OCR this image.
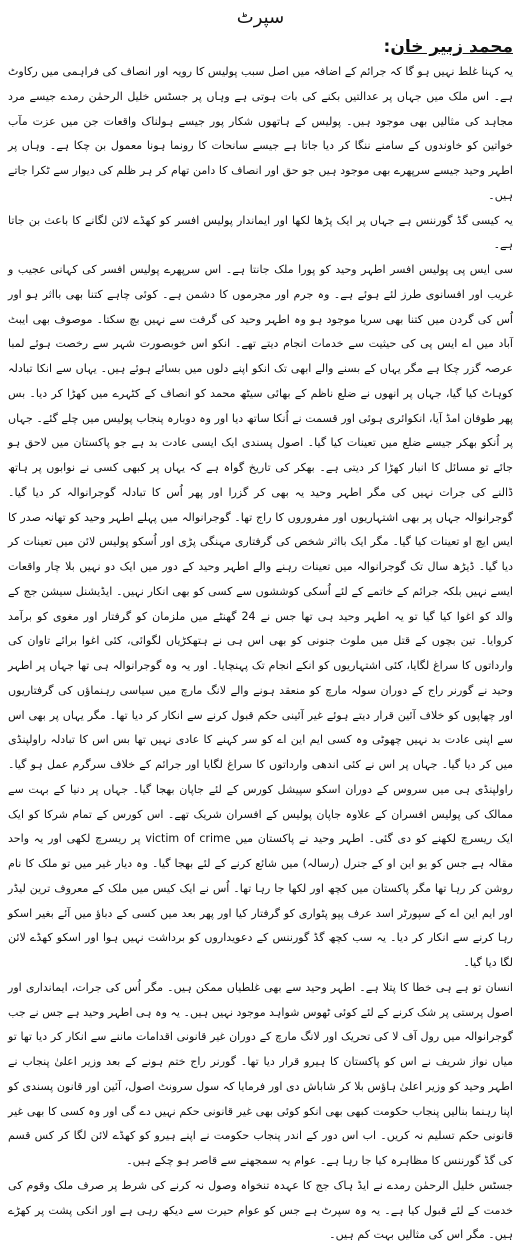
سپرٹ
محمد زبیر خان:

یہ کہنا غلط نہیں ہو گا کہ جرائم کے اضافہ میں اصل سبب پولیس کا رویہ اور انصاف کی فراہمی میں رکاوٹ ہے۔ اس ملک میں جہاں پر عدالتیں بکنے کی بات ہوتی ہے وہاں پر جسٹس خلیل الرحمٰن رمدے جیسے مرد مجاہد کی مثالیں بھی موجود ہیں۔ پولیس کے ہاتھوں شکار پور جیسے ہولناک واقعات جن میں عزت مآب خواتین کو خاوندوں کے سامنے ننگا کر دیا جاتا ہے جیسے سانحات کا رونما ہونا معمول بن چکا ہے۔ وہاں پر اطہر وحید جیسے سرپھرے بھی موجود ہیں جو حق اور انصاف کا دامن تھام کر ہر ظلم کی دیوار سے ٹکرا جاتے ہیں۔

یہ کیسی گڈ گورننس ہے جہاں پر ایک پڑھا لکھا اور ایماندار پولیس افسر کو کھڈے لائن لگانے کا باعث بن جاتا ہے۔

سی ایس پی پولیس افسر اطہر وحید کو پورا ملک جانتا ہے۔ اس سرپھرے پولیس افسر کی کہانی عجیب و غریب اور افسانوی طرز لئے ہوئے ہے۔ وہ جرم اور مجرموں کا دشمن ہے۔ کوئی چاہے کتنا بھی بااثر ہو اور اُس کی گردن میں کتنا بھی سریا موجود ہو وہ اطہر وحید کی گرفت سے نہیں بچ سکتا۔ موصوف بھی ایبٹ آباد میں اے ایس پی کی حیثیت سے خدمات انجام دیتے تھے۔ انکو اس خوبصورت شہر سے رخصت ہوئے لمبا عرصہ گزر چکا ہے مگر یہاں کے بسنے والے ابھی تک انکو اپنے دلوں میں بسائے ہوئے ہیں۔ یہاں سے انکا تبادلہ کوہاٹ کیا گیا، جہاں پر انھوں نے ضلع ناظم کے بھائی سیٹھ محمد کو انصاف کے کٹہرے میں کھڑا کر دیا۔ بس پھر طوفان امڈ آیا، انکوائری ہوئی اور قسمت نے اُنکا ساتھ دیا اور وہ دوبارہ پنجاب پولیس میں چلے گئے۔ جہاں پر اُنکو بھکر جیسے ضلع میں تعینات کیا گیا۔ اصول پسندی ایک ایسی عادت بد ہے جو پاکستان میں لاحق ہو جائے تو مسائل کا انبار کھڑا کر دیتی ہے۔ بھکر کی تاریخ گواہ ہے کہ یہاں پر کبھی کسی نے نوابوں پر ہاتھ ڈالنے کی جرات نہیں کی مگر اطہر وحید یہ بھی کر گزرا اور پھر اُس کا تبادلہ گوجرانوالہ کر دیا گیا۔ گوجرانوالہ جہاں پر بھی اشتہاریوں اور مفروروں کا راج تھا۔ گوجرانوالہ میں پہلے اطہر وحید کو تھانہ صدر کا ایس ایچ او تعینات کیا گیا۔ مگر ایک بااثر شخص کی گرفتاری مہنگی پڑی اور اُسکو پولیس لائن میں تعینات کر دیا گیا۔ ڈیڑھ سال تک گوجرانوالہ میں تعینات رہنے والے اطہر وحید کے دور میں ایک دو نہیں بلا چار واقعات ایسے نہیں بلکہ جرائم کے خاتمے کے لئے اُسکی کوششوں سے کسی کو بھی انکار نہیں۔ ایڈیشنل سیشن جج کے والد کو اغوا کیا گیا تو یہ اطہر وحید ہی تھا جس نے 24 گھنٹے میں ملزمان کو گرفتار اور مغوی کو برآمد کروایا۔ تین بچوں کے قتل میں ملوث جنونی کو بھی اس ہی نے ہتھکڑیاں لگوائی، کئی اغوا برائے تاوان کی وارداتوں کا سراغ لگایا، کئی اشتہاریوں کو انکے انجام تک پہنچایا۔ اور یہ وہ گوجرانوالہ ہی تھا جہاں پر اطہر وحید نے گورنر راج کے دوران سولہ مارچ کو منعقد ہونے والے لانگ مارچ میں سیاسی رہنماؤں کی گرفتاریوں اور چھاپوں کو خلاف آئین قرار دیتے ہوئے غیر آئینی حکم قبول کرنے سے انکار کر دیا تھا۔ مگر یہاں پر بھی اس سے اپنی عادت بد نہیں چھوٹی وہ کسی ایم این اے کو سر کہنے کا عادی نہیں تھا بس اس کا تبادلہ راولپنڈی میں کر دیا گیا۔ جہاں پر اس نے کئی اندھی وارداتوں کا سراغ لگایا اور جرائم کے خلاف سرگرم عمل ہو گیا۔ راولپنڈی ہی میں سروس کے دوران اسکو سپیشل کورس کے لئے جاپان بھجا گیا۔ جہاں پر دنیا کے بہت سے ممالک کی پولیس افسران کے علاوہ جاپان پولیس کے افسران شریک تھے۔ اس کورس کے تمام شرکا کو ایک ایک ریسرچ لکھنے کو دی گئی۔ اطہر وحید نے پاکستان میں victim of crime پر ریسرچ لکھی اور یہ واحد مقالہ ہے جس کو یو این او کے جنرل (رسالہ) میں شائع کرنے کے لئے بھجا گیا۔ وہ دیار غیر میں تو ملک کا نام روشن کر رہا تھا مگر پاکستان میں کچھ اور لکھا جا رہا تھا۔ اُس نے ایک کیس میں ملک کے معروف ترین لیڈر اور ایم این اے کے سپورٹر اسد عرف پپو پٹواری کو گرفتار کیا اور پھر بعد میں کسی کے دباؤ میں آئے بغیر اسکو رہا کرنے سے انکار کر دیا۔ یہ سب کچھ گڈ گورننس کے دعویداروں کو برداشت نہیں ہوا اور اسکو کھڈے لائن لگا دیا گیا۔

انسان تو ہے ہی خطا کا پتلا ہے۔ اطہر وحید سے بھی غلطیاں ممکن ہیں۔ مگر اُس کی جرات، ایمانداری اور اصول پرستی پر شک کرنے کے لئے کوئی ٹھوس شواہد موجود نہیں ہیں۔ یہ وہ ہی اطہر وحید ہے جس نے جب گوجرانوالہ میں رول آف لا کی تحریک اور لانگ مارچ کے دوران غیر قانونی اقدامات ماننے سے انکار کر دیا تھا تو میاں نواز شریف نے اس کو پاکستان کا ہیرو قرار دیا تھا۔ گورنر راج ختم ہونے کے بعد وزیر اعلیٰ پنجاب نے اطہر وحید کو وزیر اعلیٰ ہاؤس بلا کر شاباش دی اور فرمایا کہ سول سرونٹ اصول، آئین اور قانون پسندی کو اپنا رہنما بنالیں پنجاب حکومت کبھی بھی انکو کوئی بھی غیر قانونی حکم نہیں دے گی اور وہ کسی کا بھی غیر قانونی حکم تسلیم نہ کریں۔ اب اس دور کے اندر پنجاب حکومت نے اپنے ہیرو کو کھڈے لائن لگا کر کس قسم کی گڈ گورننس کا مظاہرہ کیا جا رہا ہے۔ عوام یہ سمجھنے سے قاصر ہو چکے ہیں۔

جسٹس خلیل الرحمٰن رمدے نے ایڈ ہاک جج کا عہدہ تنخواہ وصول نہ کرنے کی شرط پر صرف ملک وقوم کی خدمت کے لئے قبول کیا ہے۔ یہ وہ سپرٹ ہے جس کو عوام حیرت سے دیکھ رہی ہے اور انکی پشت پر کھڑے ہیں۔ مگر اس کی مثالیں بہت کم ہیں۔
